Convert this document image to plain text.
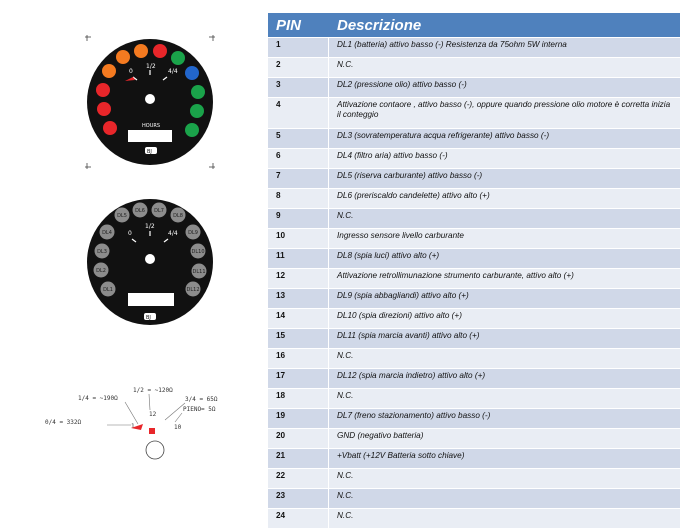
0
1/2
4/4
HOURS
BJ
DL5
DL6 DL7
DL8
DL4	DL9
DL3	DL10
DL2	DL11
DL1	DL12
0
1/2
4/4
BJ
1/4 = ~190Ω
1/2 = ~120Ω
3/4 = 65Ω
PIENO= 5Ω
0/4 = 332Ω
1
12
10
PIN	Descrizione
1	DL1 (batteria) attivo basso (-) Resistenza da 75ohm 5W interna
2	N.C.
3	DL2 (pressione olio) attivo basso (-)
4	Attivazione contaore , attivo basso (-), oppure quando pressione olio motore è corretta inizia il conteggio
5	DL3 (sovratemperatura acqua refrigerante) attivo basso (-)
6	DL4 (filtro aria) attivo basso (-)
7	DL5 (riserva carburante) attivo basso (-)
8	DL6 (preriscaldo candelette) attivo alto (+)
9	N.C.
10	Ingresso sensore livello carburante
11	DL8 (spia luci) attivo alto (+)
12	Attivazione retrollimunazione strumento carburante, attivo alto (+)
13	DL9 (spia abbagliandi) attivo alto (+)
14	DL10 (spia direzioni) attivo alto (+)
15	DL11 (spia marcia avanti) attivo alto (+)
16	N.C.
17	DL12 (spia marcia indietro) attivo alto (+)
18	N.C.
19	DL7 (freno stazionamento) attivo basso (-)
20	GND (negativo batteria)
21	+Vbatt (+12V Batteria sotto chiave)
22	N.C.
23	N.C.
24	N.C.
